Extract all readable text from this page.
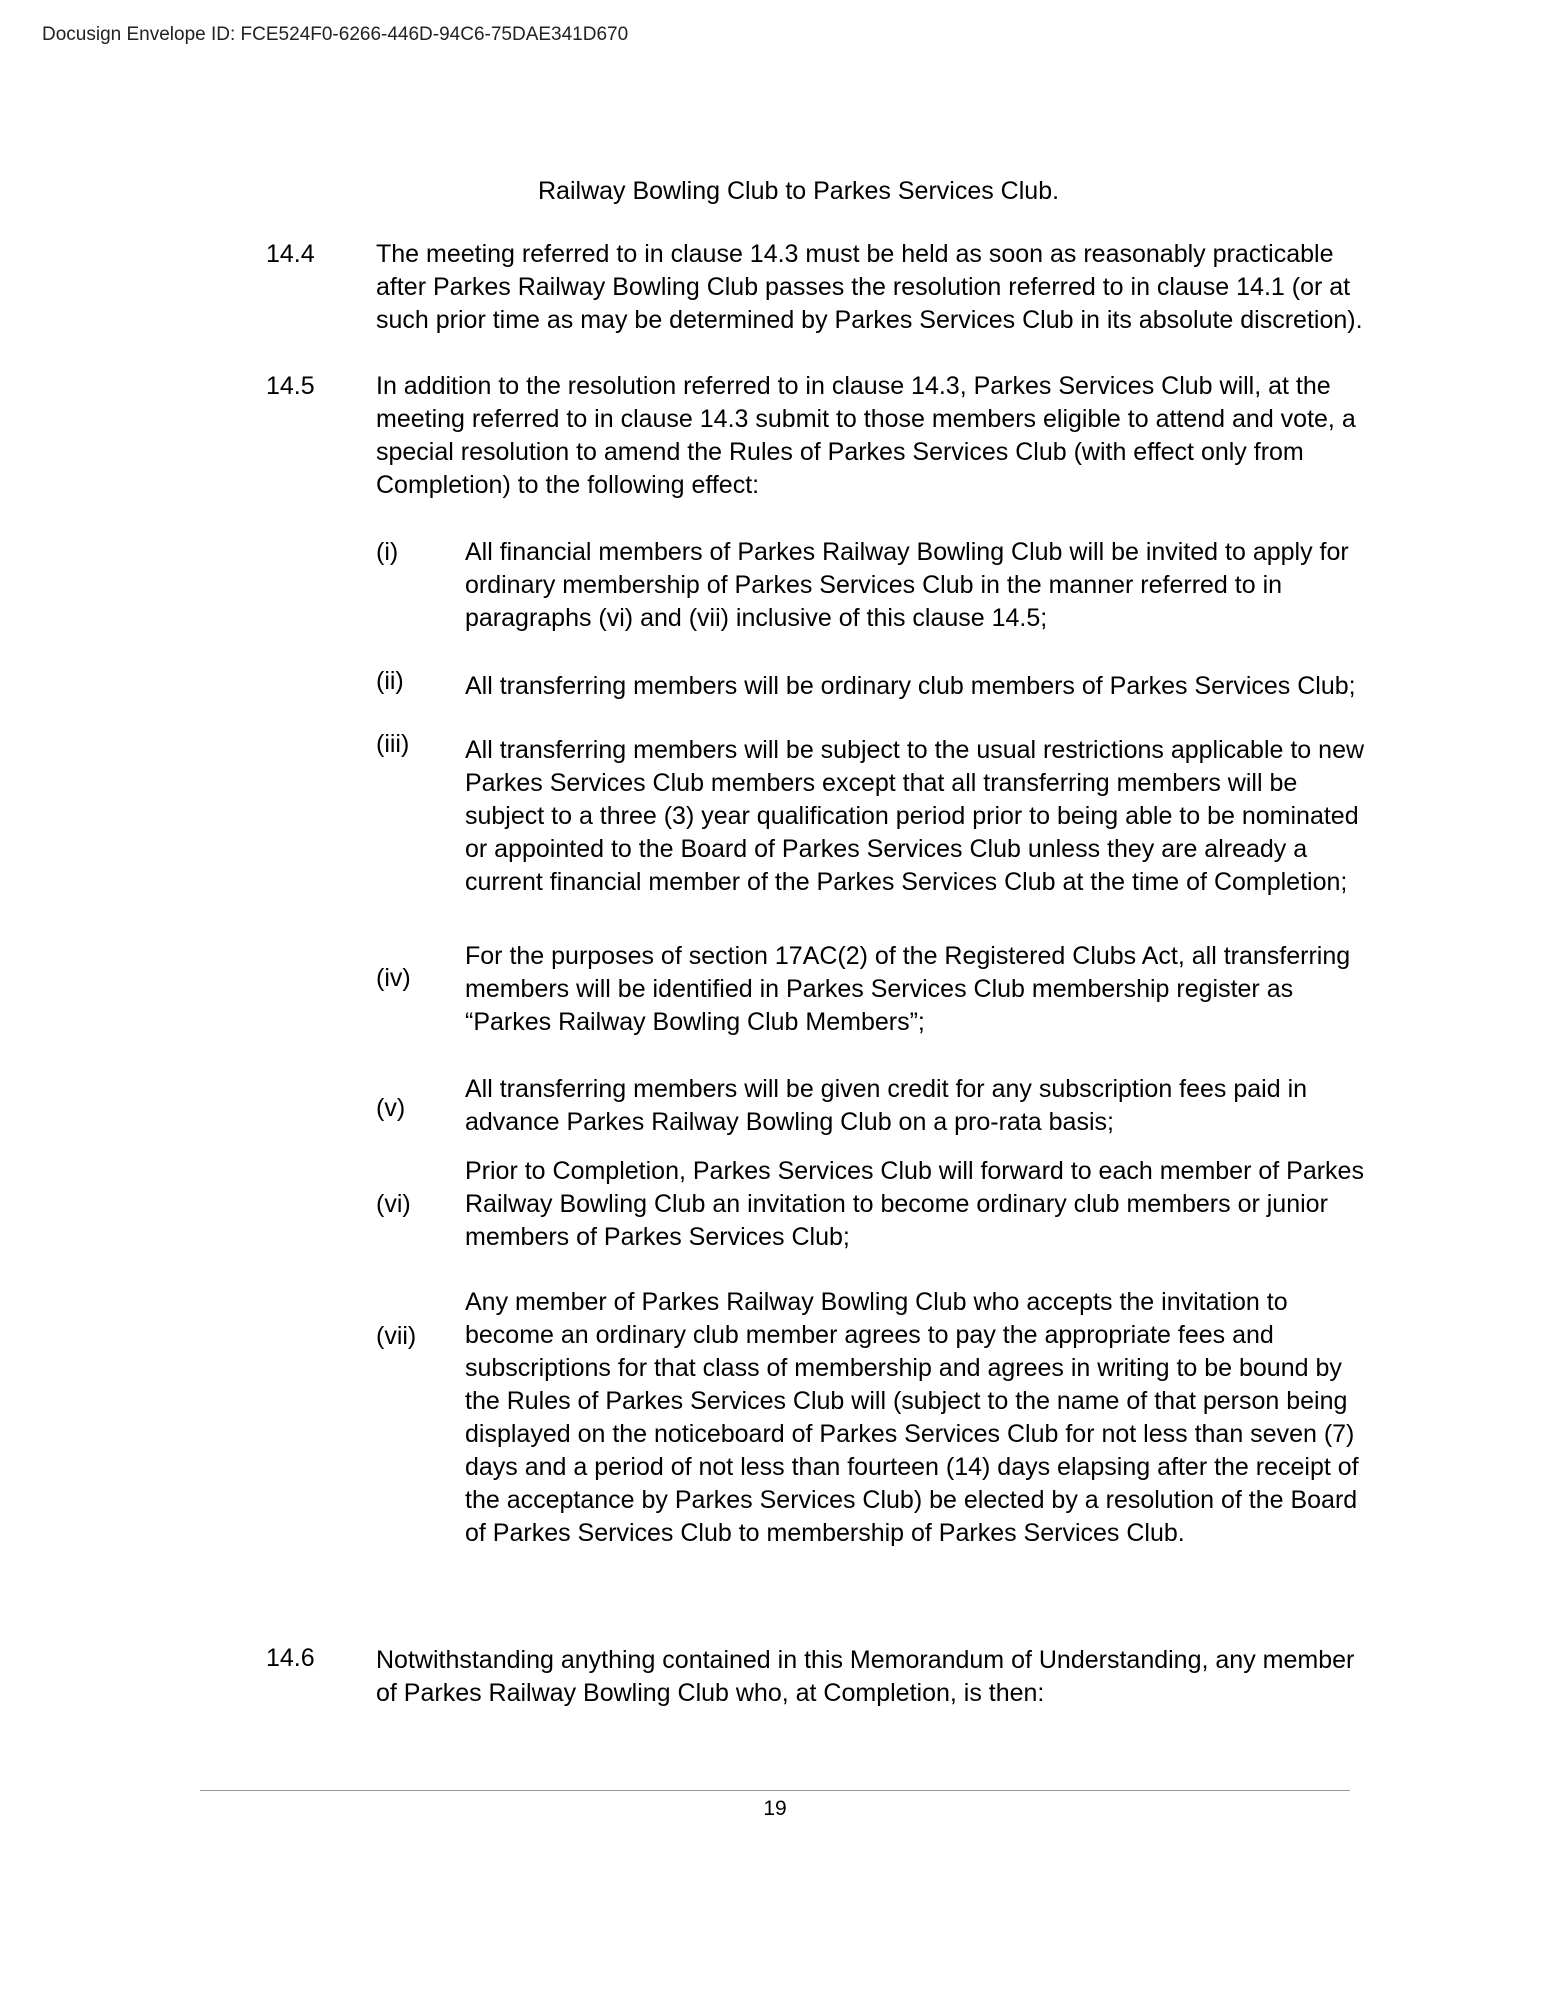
Docusign Envelope ID: FCE524F0-6266-446D-94C6-75DAE341D670
Railway Bowling Club to Parkes Services Club.
14.4 The meeting referred to in clause 14.3 must be held as soon as reasonably practicable after Parkes Railway Bowling Club passes the resolution referred to in clause 14.1 (or at such prior time as may be determined by Parkes Services Club in its absolute discretion).

14.5 In addition to the resolution referred to in clause 14.3, Parkes Services Club will, at the meeting referred to in clause 14.3 submit to those members eligible to attend and vote, a special resolution to amend the Rules of Parkes Services Club (with effect only from Completion) to the following effect:

(i)	All financial members of Parkes Railway Bowling Club will be invited to apply for ordinary membership of Parkes Services Club in the manner referred to in paragraphs (vi) and (vii) inclusive of this clause 14.5;

(ii) All transferring members will be ordinary club members of Parkes Services Club;

(iii) All transferring members will be subject to the usual restrictions applicable to new Parkes Services Club members except that all transferring members will be subject to a three (3) year qualification period prior to being able to be nominated or appointed to the Board of Parkes Services Club unless they are already a current financial member of the Parkes Services Club at the time of Completion;

(iv)

For the purposes of section 17AC(2) of the Registered Clubs Act, all transferring members will be identified in Parkes Services Club membership register as “Parkes Railway Bowling Club Members”;

(v)

All transferring members will be given credit for any subscription fees paid in advance Parkes Railway Bowling Club on a pro-rata basis;

(vi)

Prior to Completion, Parkes Services Club will forward to each member of Parkes Railway Bowling Club an invitation to become ordinary club members or junior members of Parkes Services Club;

(vii)

Any member of Parkes Railway Bowling Club who accepts the invitation to become an ordinary club member agrees to pay the appropriate fees and subscriptions for that class of membership and agrees in writing to be bound by the Rules of Parkes Services Club will (subject to the name of that person being displayed on the noticeboard of Parkes Services Club for not less than seven (7) days and a period of not less than fourteen (14) days elapsing after the receipt of the acceptance by Parkes Services Club) be elected by a resolution of the Board of Parkes Services Club to membership of Parkes Services Club.

14.6 Notwithstanding anything contained in this Memorandum of Understanding, any member of Parkes Railway Bowling Club who, at Completion, is then:

19
